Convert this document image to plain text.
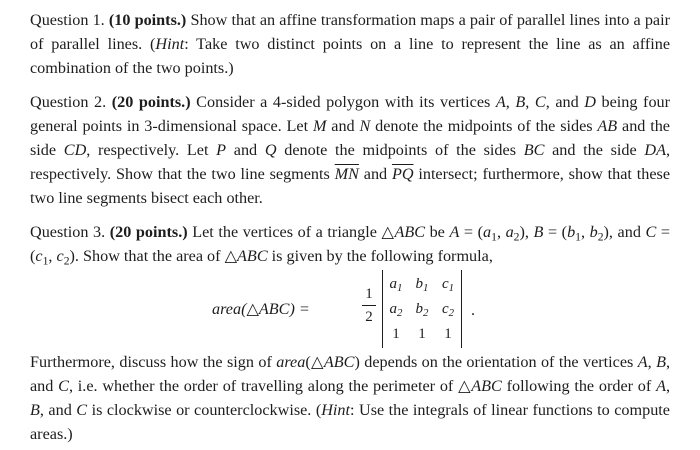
Question 1. (10 points.) Show that an affine transformation maps a pair of parallel lines into a pair of parallel lines. (Hint: Take two distinct points on a line to represent the line as an affine combination of the two points.)

Question 2. (20 points.) Consider a 4-sided polygon with its vertices A, B, C, and D being four general points in 3-dimensional space. Let M and N denote the midpoints of the sides AB and the side CD, respectively. Let P and Q denote the midpoints of the sides BC and the side DA, respectively. Show that the two line segments $\overline{MN}$ and $\overline{PQ}$ intersect; furthermore, show that these two line segments bisect each other.

Question 3. (20 points.) Let the vertices of a triangle △ABC be $A = (a_1$, $a_2$), $B = (b_1$, $b_2$), and $C = (c_1$, $c_2$). Show that the area of △ABC is given by the following formula,

area(△ABC) =
1
2
$a_1$ $b_1$ $c_1$
$a_2$ $b_2$ $c_2$
1	1	1
.

Furthermore, discuss how the sign of area(△ABC) depends on the orientation of the vertices A, B, and C, i.e. whether the order of travelling along the perimeter of △ABC following the order of A, B, and C is clockwise or counterclockwise. (Hint: Use the integrals of linear functions to compute areas.)
